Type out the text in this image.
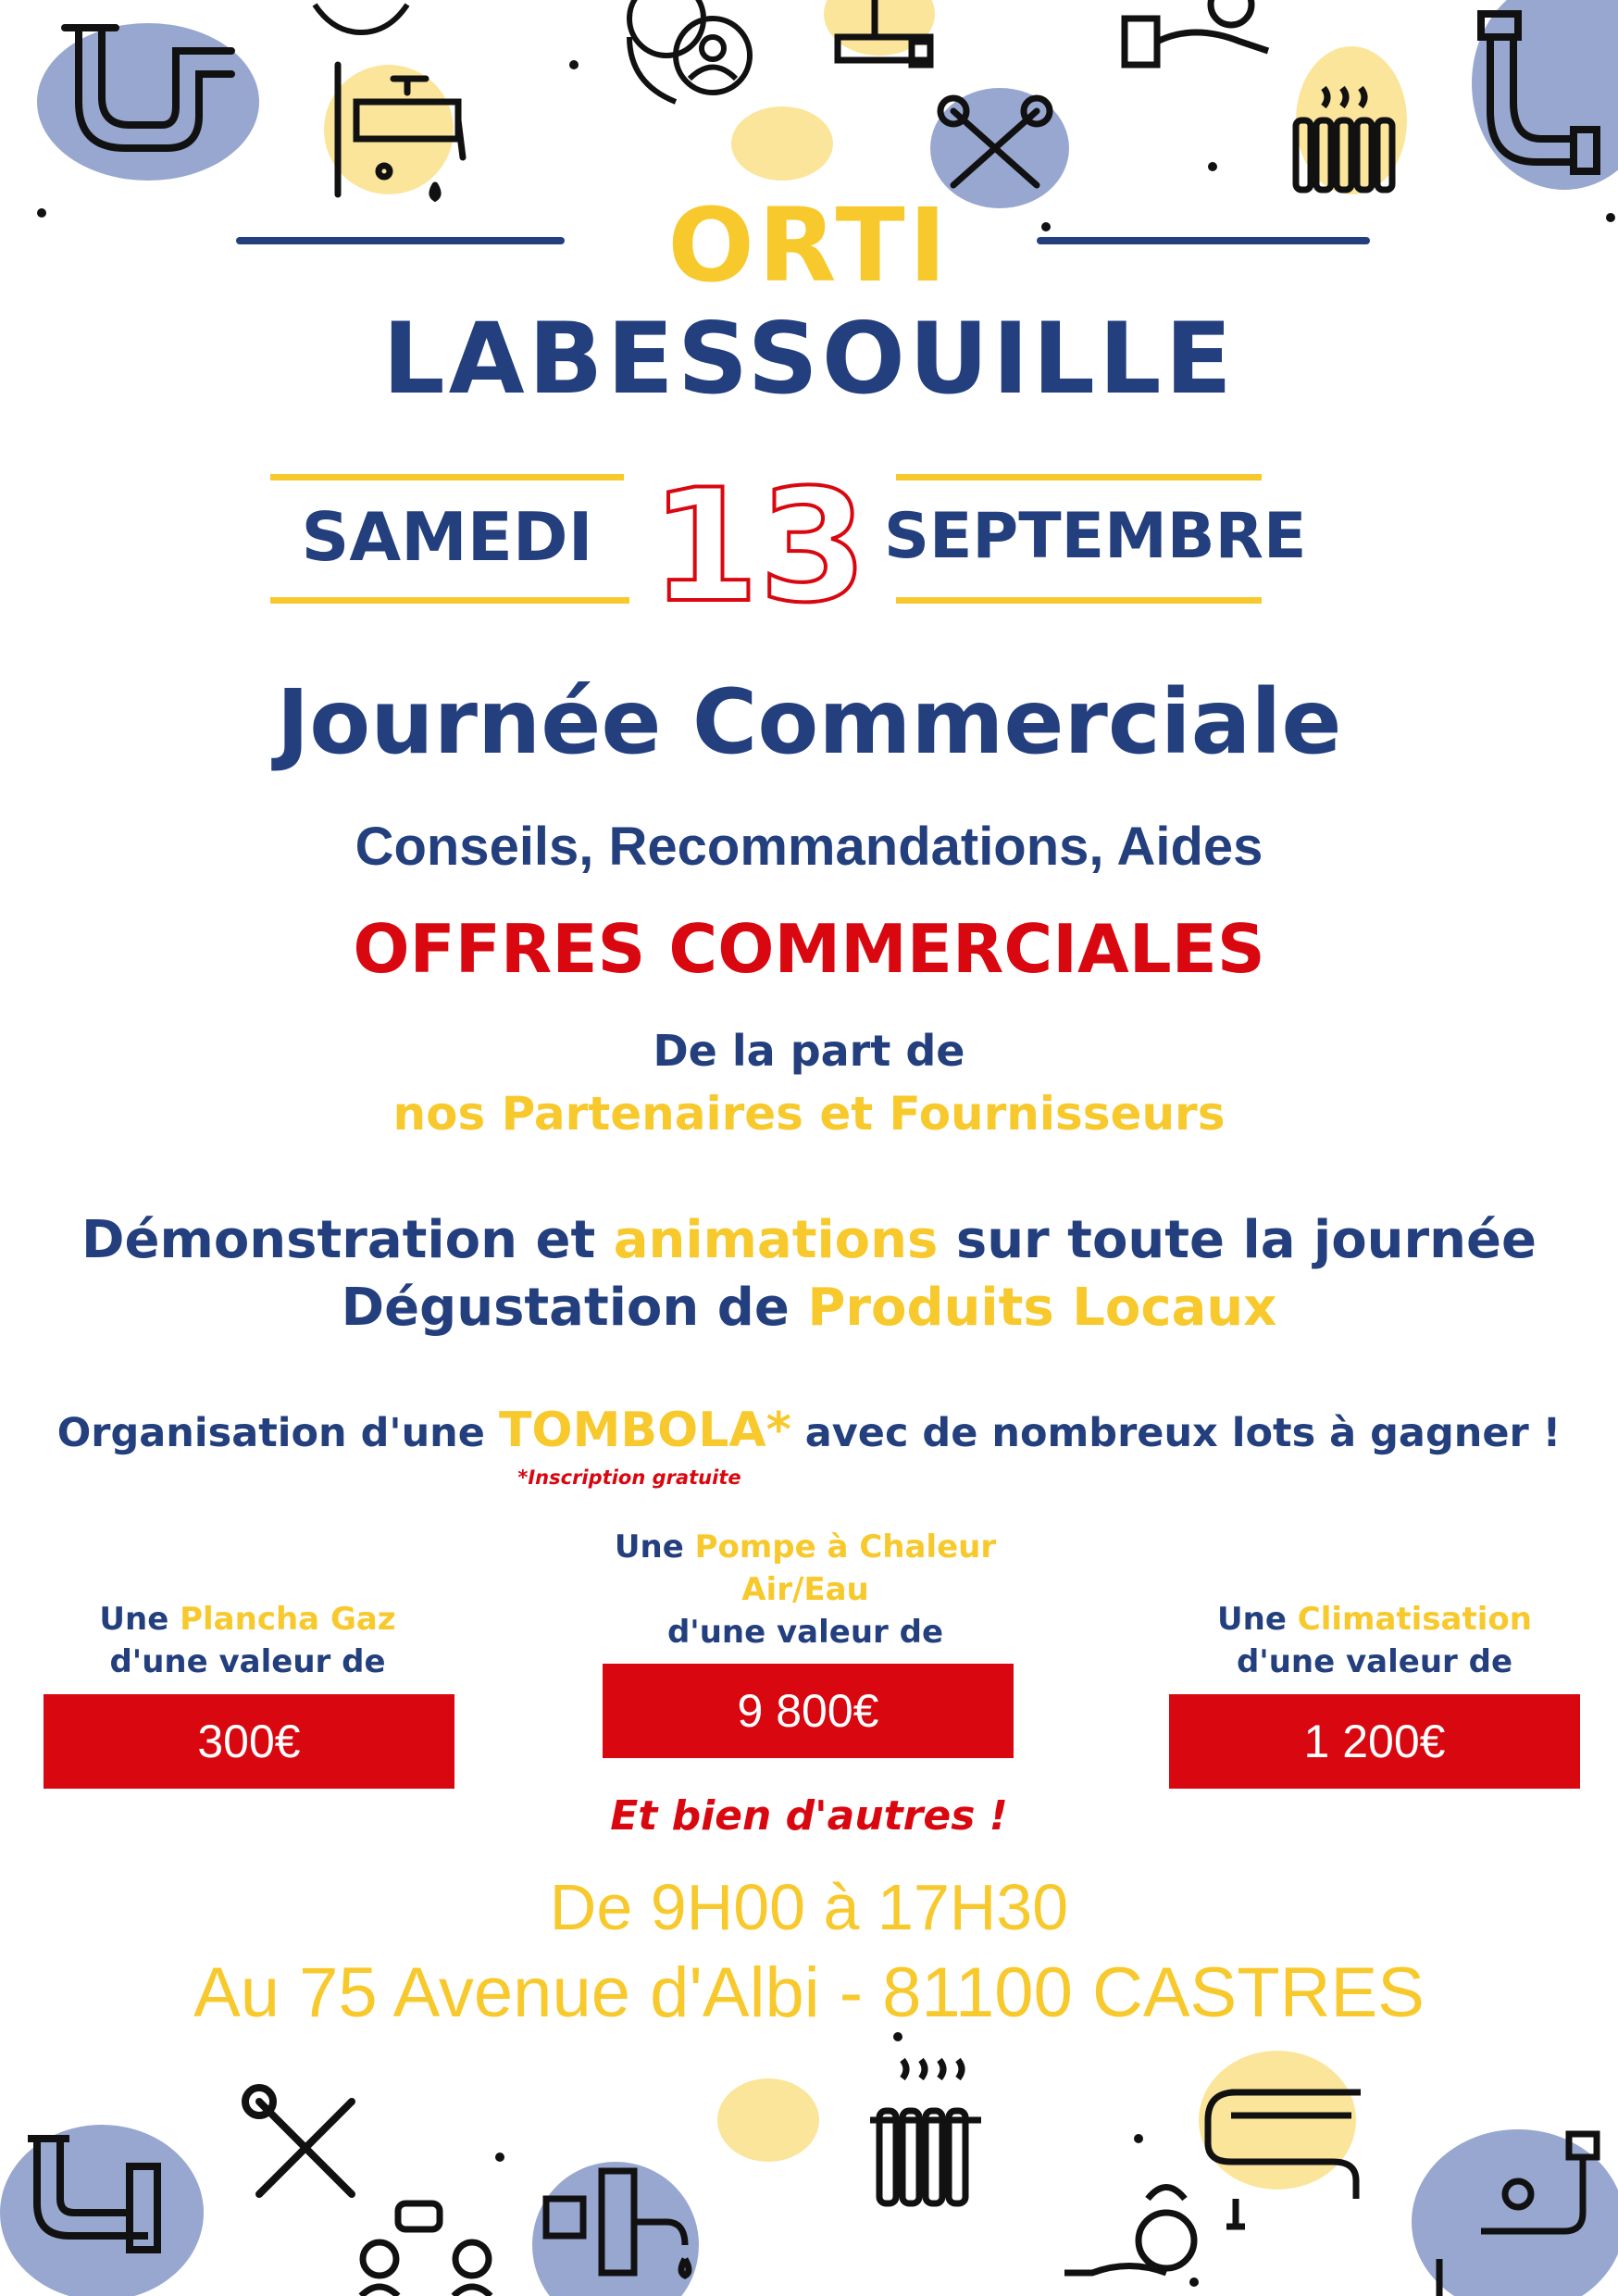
ORTI
LABESSOUILLE
SAMEDI 13 SEPTEMBRE
Journée Commerciale
Conseils, Recommandations, Aides
OFFRES COMMERCIALES
De la part de
nos Partenaires et Fournisseurs
Démonstration et animations sur toute la journée
Dégustation de Produits Locaux
Organisation d'une TOMBOLA* avec de nombreux lots à gagner !
*Inscription gratuite
Une Plancha Gaz
d'une valeur de
300€
Une Pompe à Chaleur
Air/Eau
d'une valeur de
9 800€
Une Climatisation
d'une valeur de
1 200€
Et bien d'autres !
De 9H00 à 17H30
Au 75 Avenue d'Albi - 81100 CASTRES
